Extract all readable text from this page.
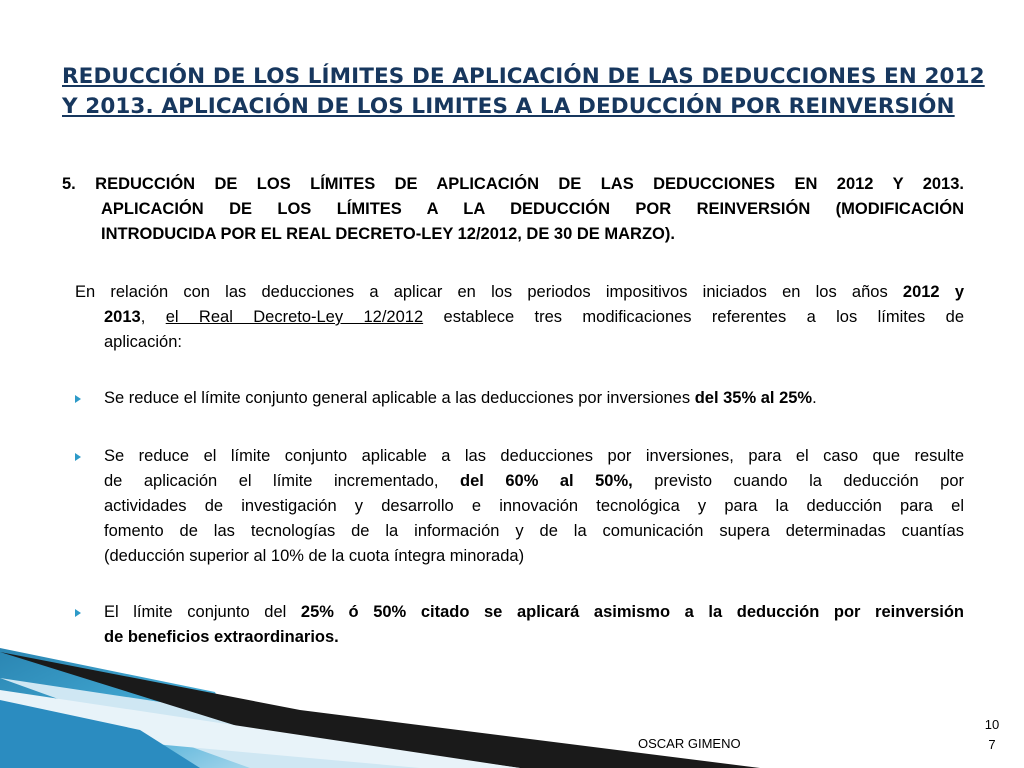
REDUCCIÓN DE LOS LÍMITES DE APLICACIÓN DE LAS DEDUCCIONES EN 2012
Y 2013. APLICACIÓN DE LOS LIMITES A LA DEDUCCIÓN POR REINVERSIÓN
5. REDUCCIÓN DE LOS LÍMITES DE APLICACIÓN DE LAS DEDUCCIONES EN 2012 Y 2013.
APLICACIÓN DE LOS LÍMITES A LA DEDUCCIÓN POR REINVERSIÓN (MODIFICACIÓN
INTRODUCIDA POR EL REAL DECRETO-LEY 12/2012, DE 30 DE MARZO).
En relación con las deducciones a aplicar en los periodos impositivos iniciados en los años 2012 y
2013, el Real Decreto-Ley 12/2012 establece tres modificaciones referentes a los límites de
aplicación:
Se reduce el límite conjunto general aplicable a las deducciones por inversiones del 35% al 25%.
Se reduce el límite conjunto aplicable a las deducciones por inversiones, para el caso que resulte
de aplicación el límite incrementado, del 60% al 50%, previsto cuando la deducción por
actividades de investigación y desarrollo e innovación tecnológica y para la deducción para el
fomento de las tecnologías de la información y de la comunicación supera determinadas cuantías
(deducción superior al 10% de la cuota íntegra minorada)
El límite conjunto del 25% ó 50% citado se aplicará asimismo a la deducción por reinversión
de beneficios extraordinarios.
OSCAR GIMENO
10
7
